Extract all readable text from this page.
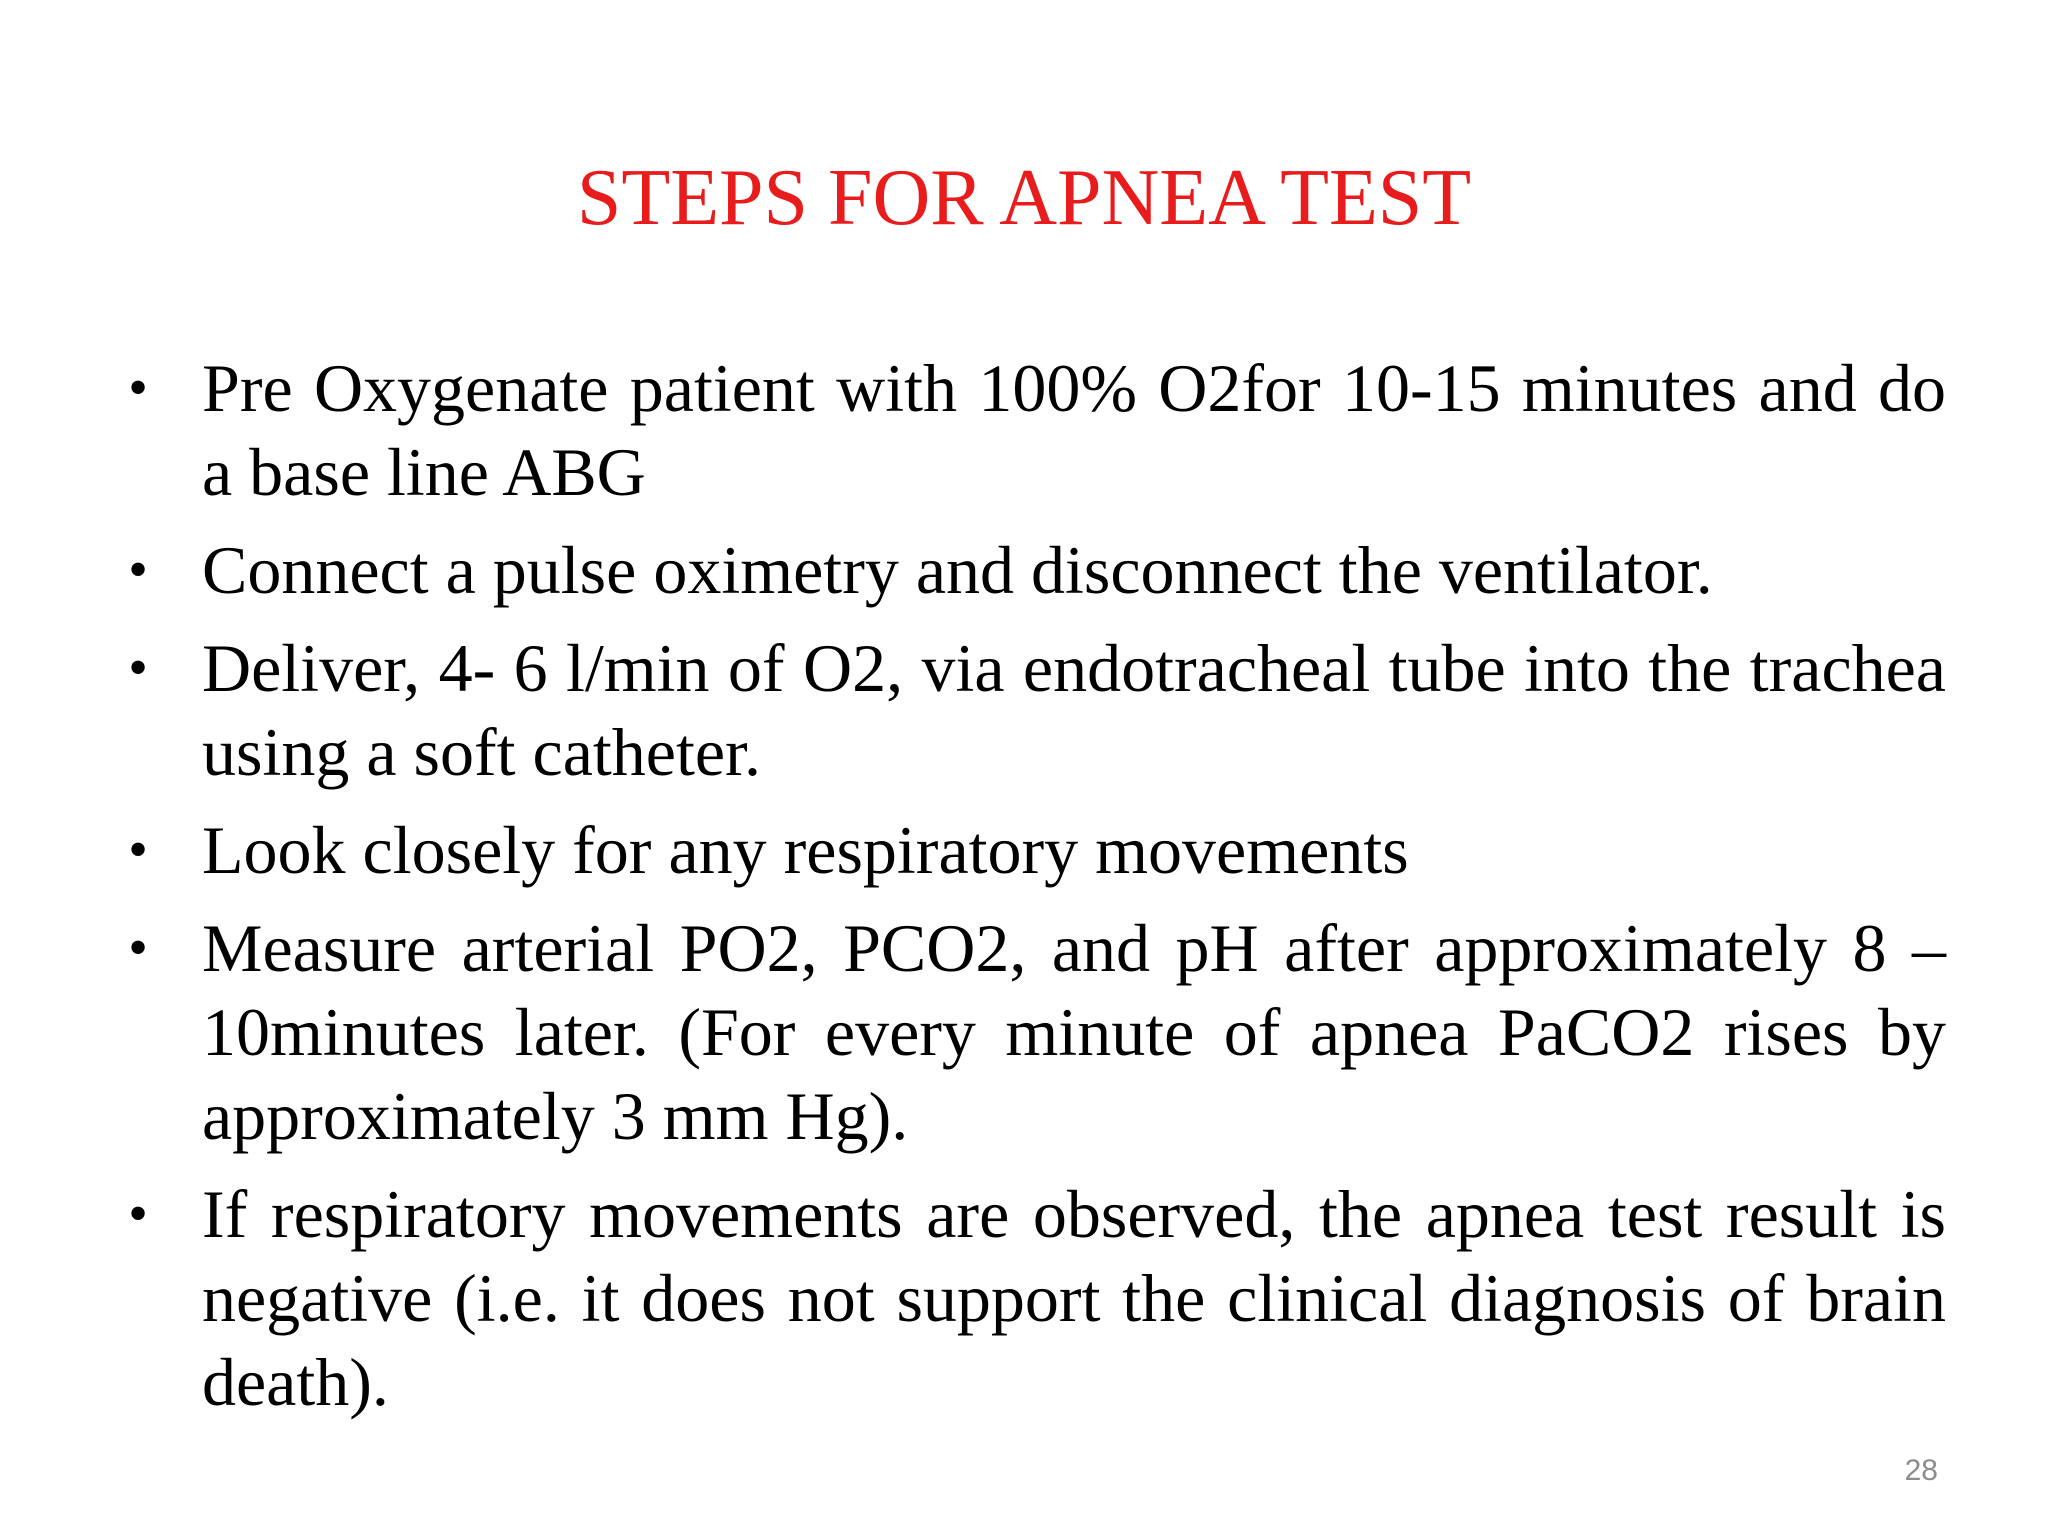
STEPS FOR APNEA TEST
• Pre Oxygenate patient with 100% O2for 10-15 minutes and do a base line ABG
• Connect a pulse oximetry and disconnect the ventilator.
• Deliver, 4- 6 l/min of O2, via endotracheal tube into the trachea using a soft catheter.
• Look closely for any respiratory movements
• Measure arterial PO2, PCO2, and pH after approximately 8 – 10minutes later. (For every minute of apnea PaCO2 rises by approximately 3 mm Hg).
• If respiratory movements are observed, the apnea test result is negative (i.e. it does not support the clinical diagnosis of brain death).
28
